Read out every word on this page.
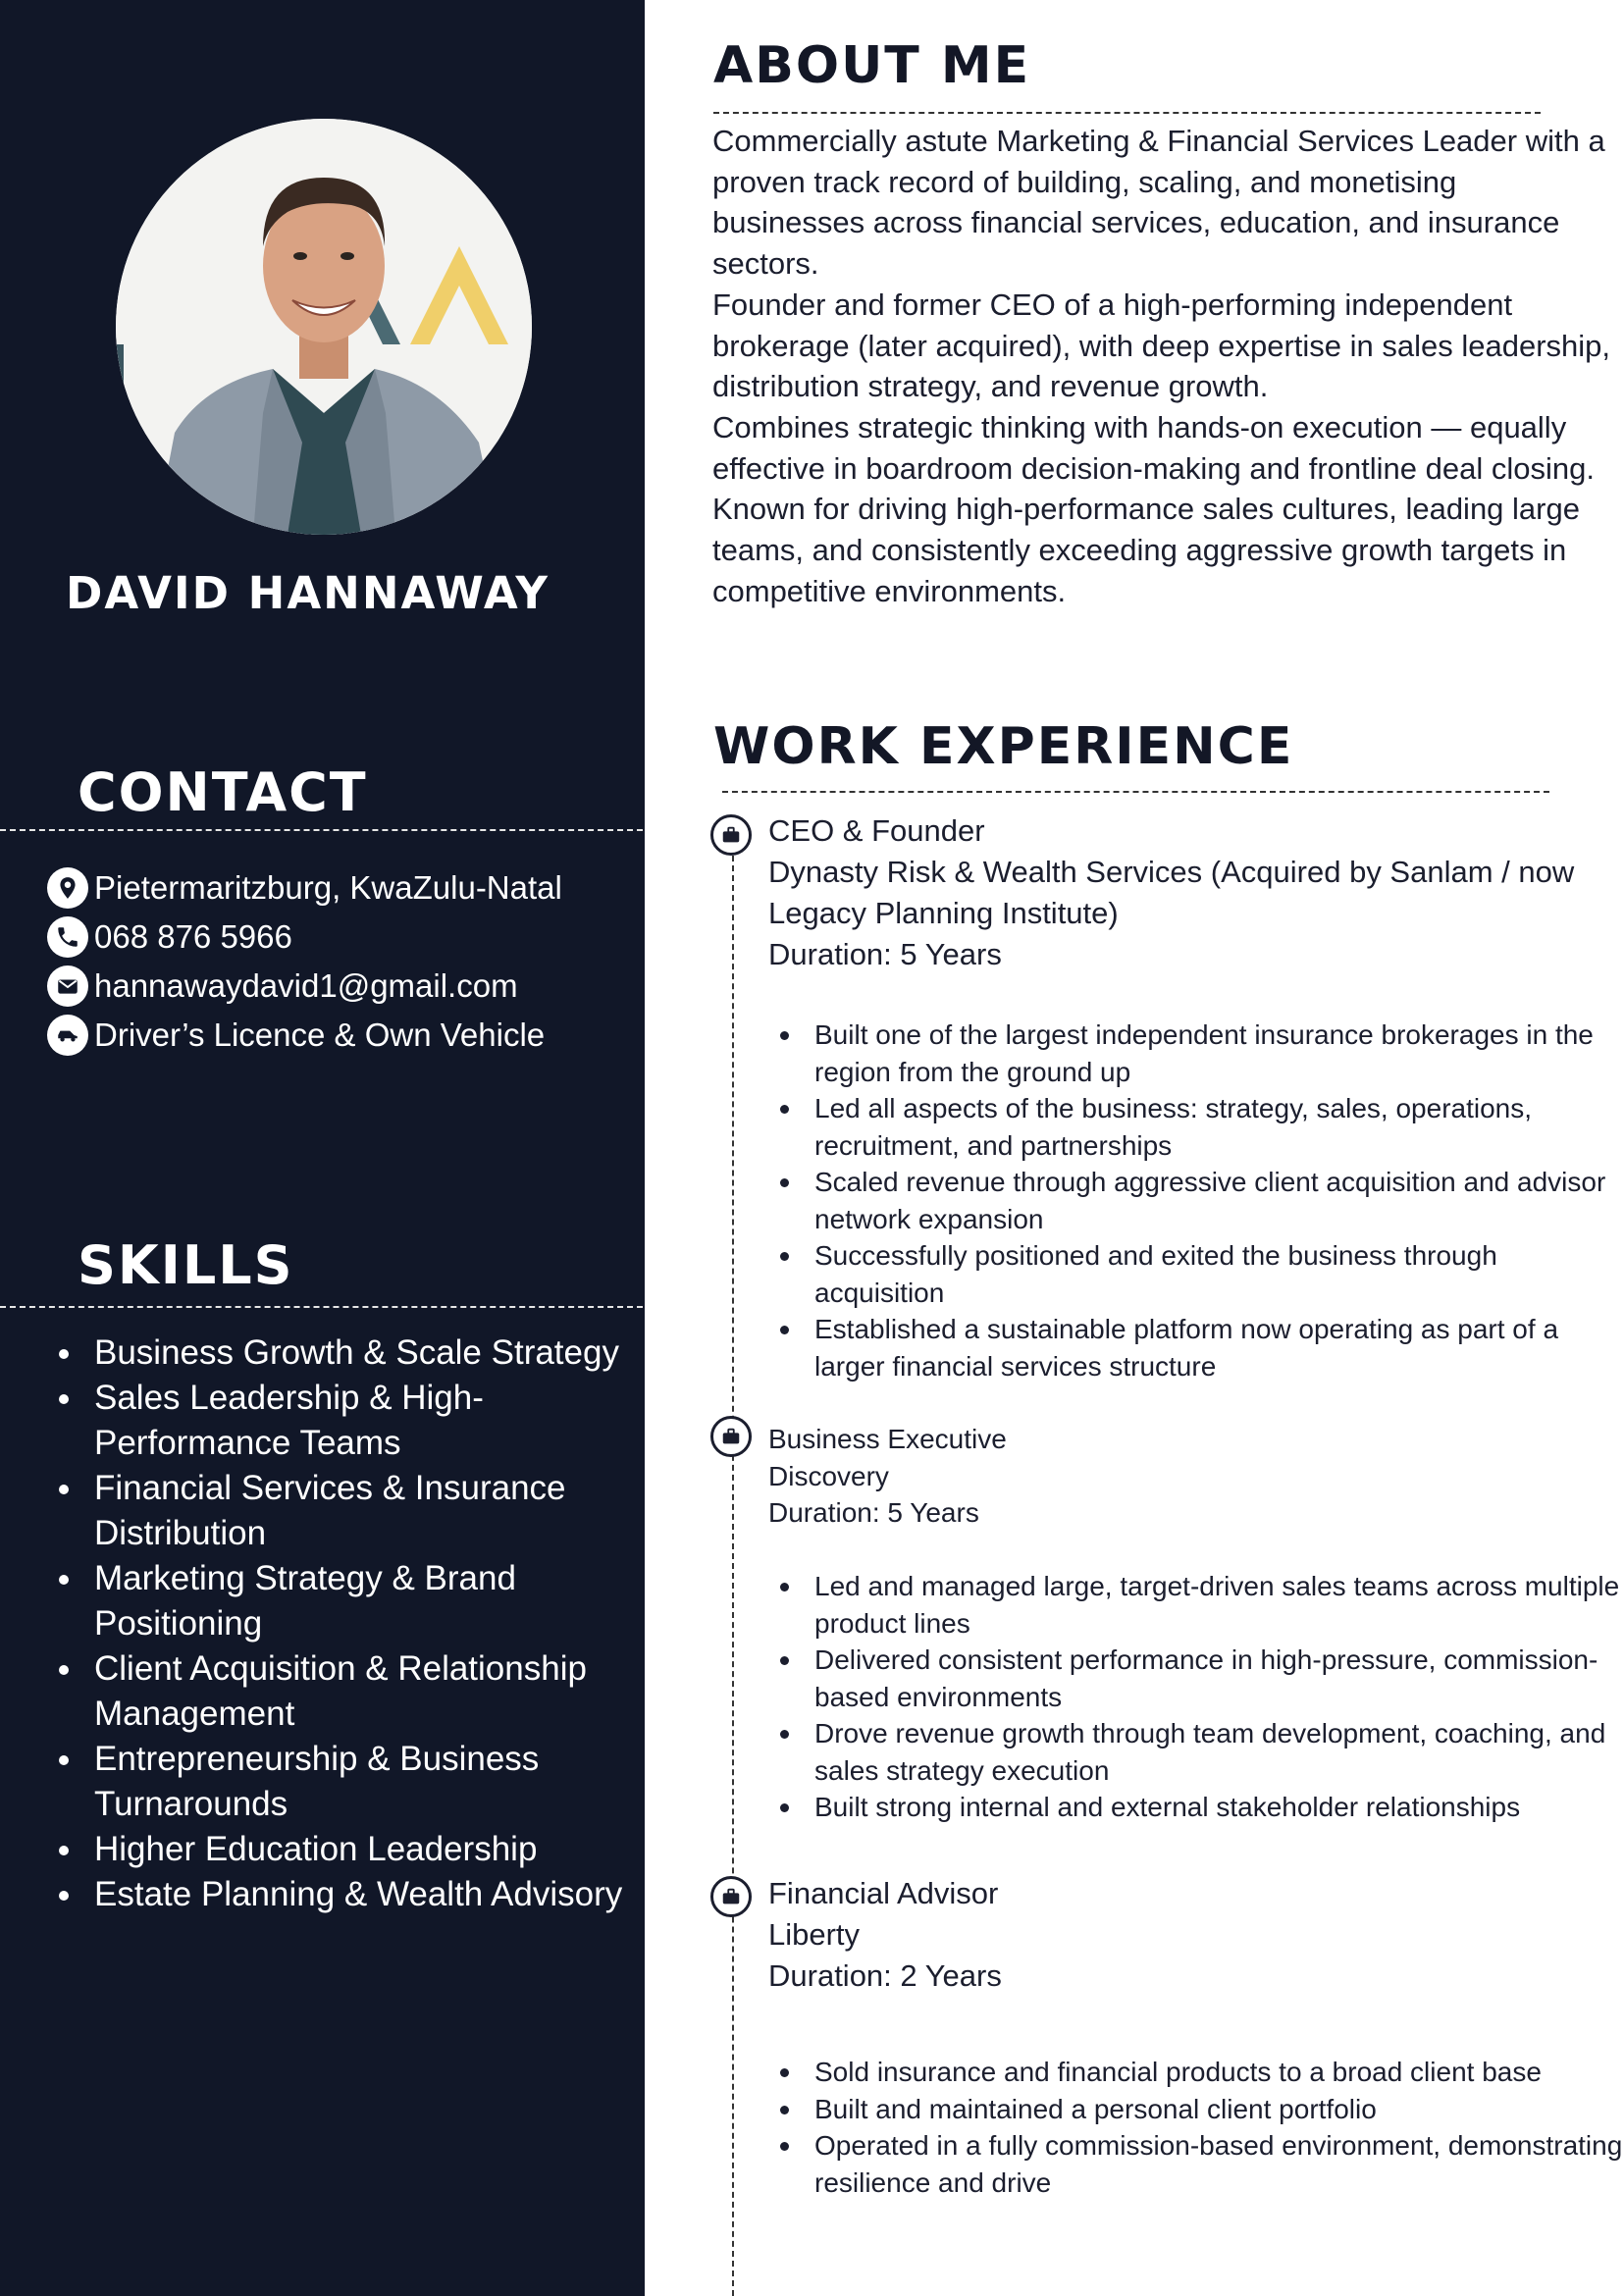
DAVID HANNAWAY
CONTACT
Pietermaritzburg, KwaZulu-Natal
068 876 5966
hannawaydavid1@gmail.com
Driver’s Licence & Own Vehicle
SKILLS
Business Growth & Scale Strategy
Sales Leadership & High-Performance Teams
Financial Services & Insurance Distribution
Marketing Strategy & Brand Positioning
Client Acquisition & Relationship Management
Entrepreneurship & Business Turnarounds
Higher Education Leadership
Estate Planning & Wealth Advisory
ABOUT ME

Commercially astute Marketing & Financial Services Leader with a proven track record of building, scaling, and monetising businesses across financial services, education, and insurance sectors.

Founder and former CEO of a high-performing independent brokerage (later acquired), with deep expertise in sales leadership, distribution strategy, and revenue growth.

Combines strategic thinking with hands-on execution — equally effective in boardroom decision-making and frontline deal closing.

Known for driving high-performance sales cultures, leading large teams, and consistently exceeding aggressive growth targets in competitive environments.

WORK EXPERIENCE
CEO & Founder
Dynasty Risk & Wealth Services (Acquired by Sanlam / now Legacy Planning Institute)
Duration: 5 Years
Built one of the largest independent insurance brokerages in the region from the ground up
Led all aspects of the business: strategy, sales, operations, recruitment, and partnerships
Scaled revenue through aggressive client acquisition and advisor network expansion
Successfully positioned and exited the business through acquisition
Established a sustainable platform now operating as part of a larger financial services structure
Business Executive
Discovery
Duration: 5 Years
Led and managed large, target-driven sales teams across multiple product lines
Delivered consistent performance in high-pressure, commission-based environments
Drove revenue growth through team development, coaching, and sales strategy execution
Built strong internal and external stakeholder relationships
Financial Advisor
Liberty
Duration: 2 Years
Sold insurance and financial products to a broad client base
Built and maintained a personal client portfolio
Operated in a fully commission-based environment, demonstrating resilience and drive
